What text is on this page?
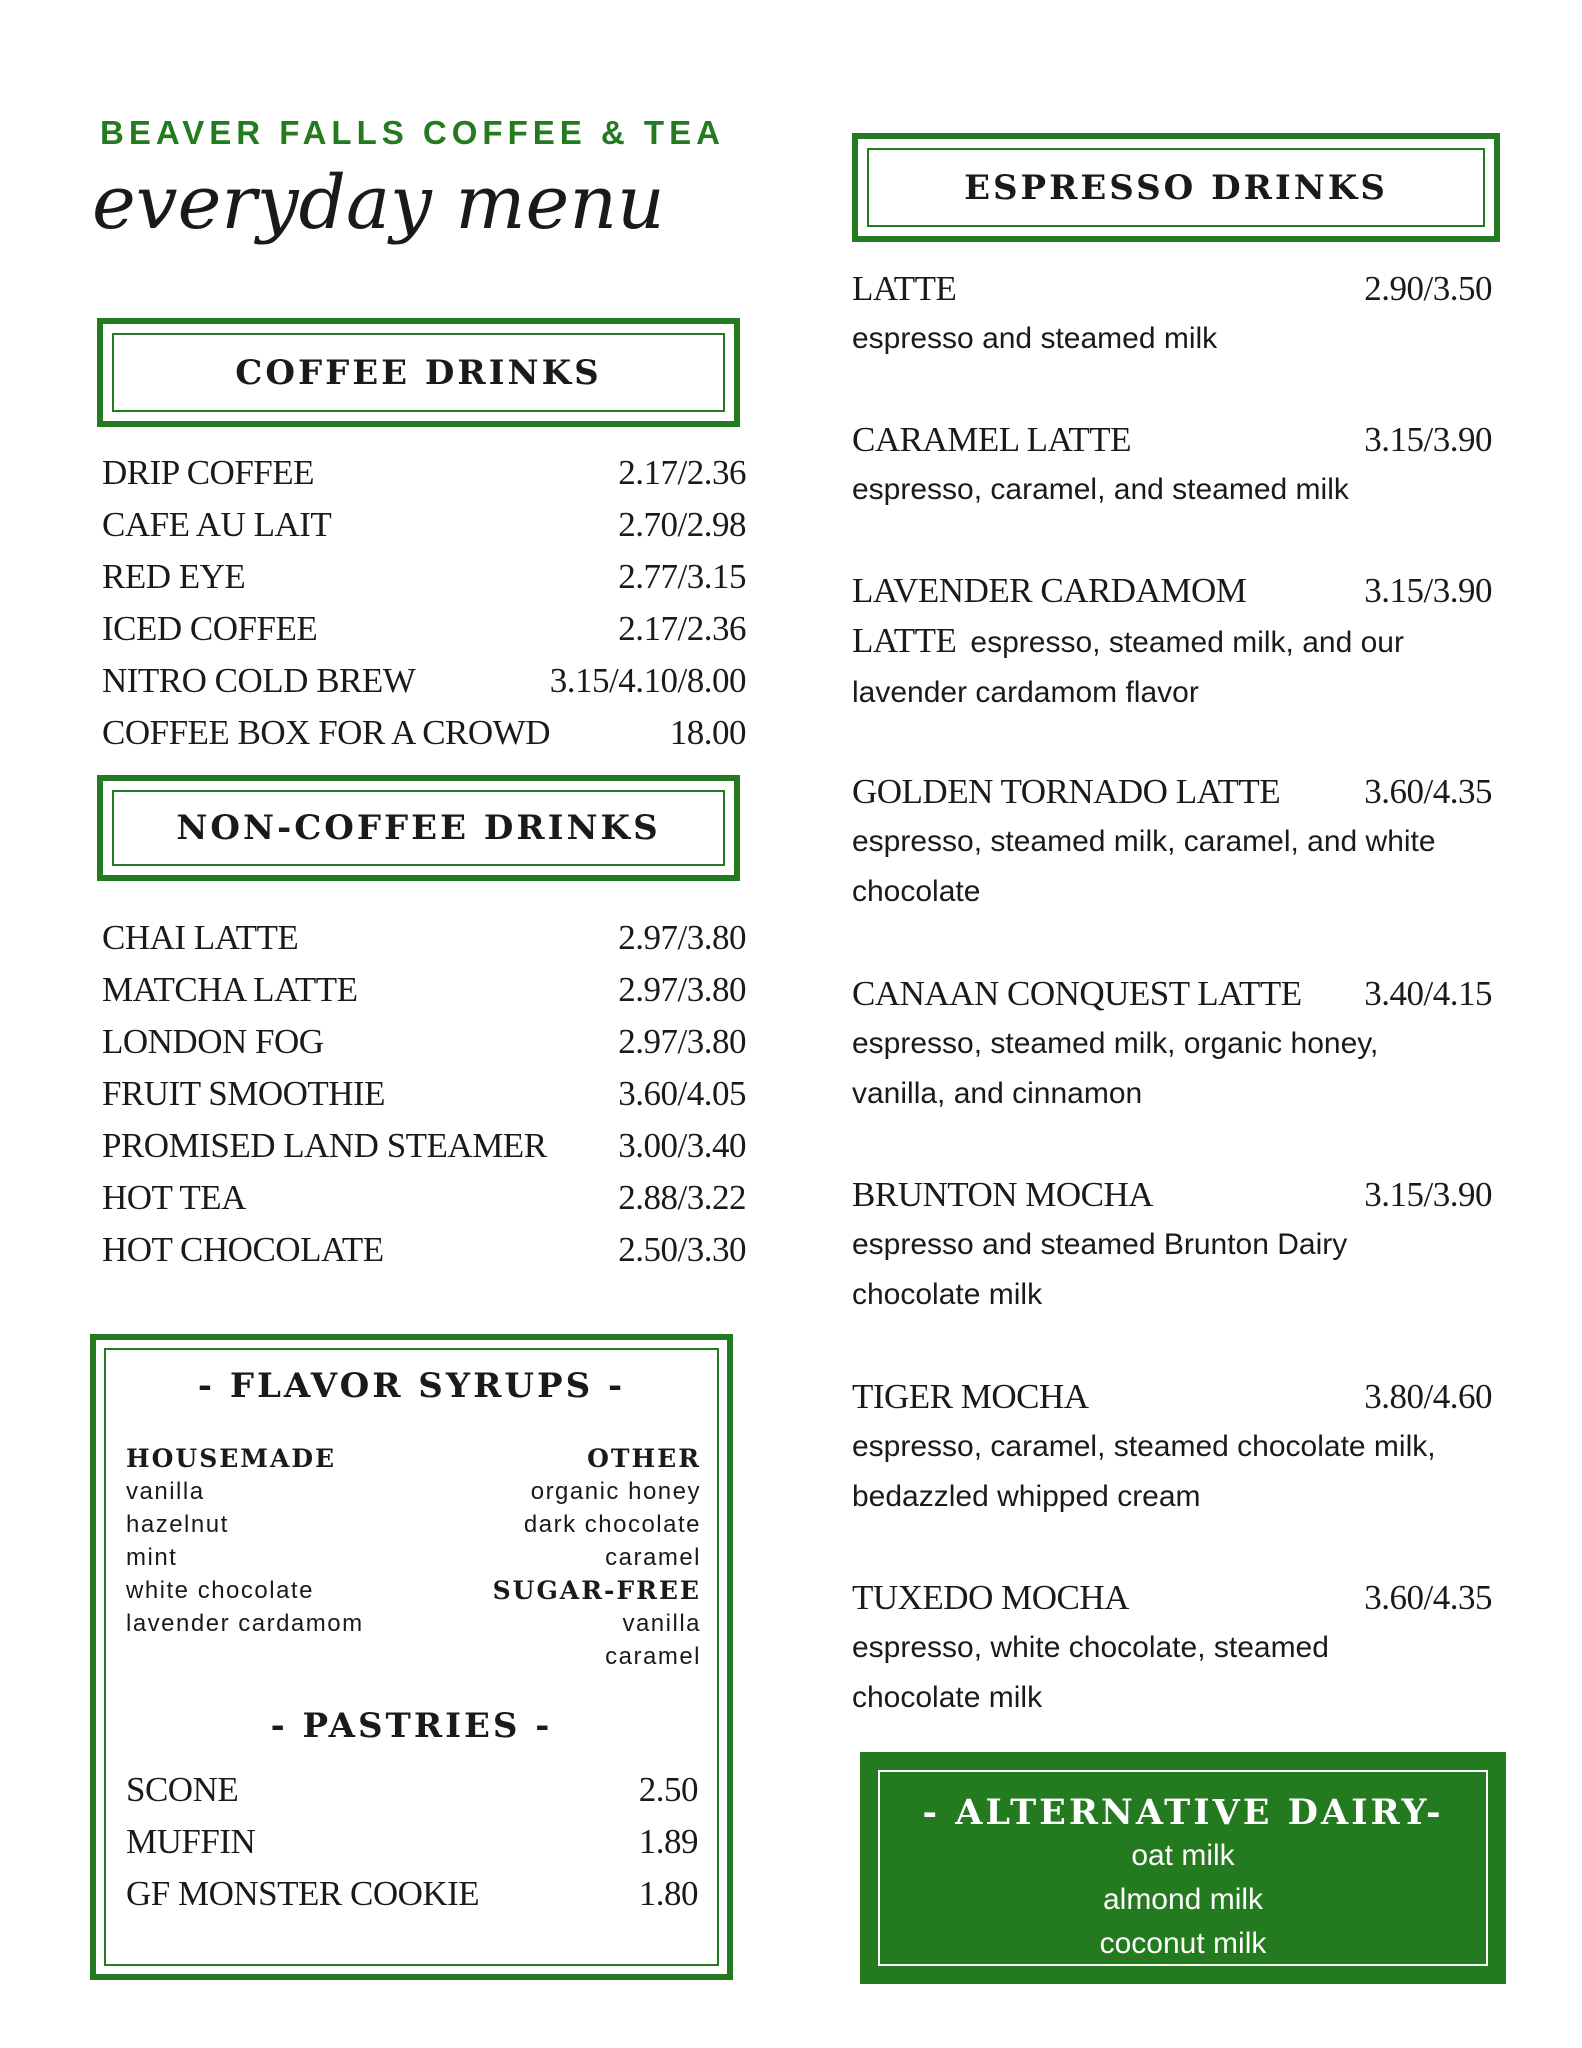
BEAVER FALLS COFFEE & TEA
everyday menu
COFFEE DRINKS
DRIP COFFEE	2.17/2.36
CAFE AU LAIT	2.70/2.98
RED EYE	2.77/3.15
ICED COFFEE	2.17/2.36
NITRO COLD BREW	3.15/4.10/8.00
COFFEE BOX FOR A CROWD	18.00
NON-COFFEE DRINKS
CHAI LATTE	2.97/3.80
MATCHA LATTE	2.97/3.80
LONDON FOG	2.97/3.80
FRUIT SMOOTHIE	3.60/4.05
PROMISED LAND STEAMER 3.00/3.40
HOT TEA	2.88/3.22
HOT CHOCOLATE	2.50/3.30
- FLAVOR SYRUPS -
HOUSEMADE
vanilla
hazelnut
mint
white chocolate
lavender cardamom
OTHER
organic honey
dark chocolate
caramel
SUGAR-FREE
vanilla
caramel
- PASTRIES -
SCONE	2.50
MUFFIN	1.89
GF MONSTER COOKIE	1.80
ESPRESSO DRINKS
LATTE	2.90/3.50
espresso and steamed milk
CARAMEL LATTE	3.15/3.90
espresso, caramel, and steamed milk
LAVENDER CARDAMOM	3.15/3.90
LATTE espresso, steamed milk, and our
lavender cardamom flavor
GOLDEN TORNADO LATTE 3.60/4.35
espresso, steamed milk, caramel, and white
chocolate
CANAAN CONQUEST LATTE 3.40/4.15
espresso, steamed milk, organic honey,
vanilla, and cinnamon
BRUNTON MOCHA	3.15/3.90
espresso and steamed Brunton Dairy
chocolate milk
TIGER MOCHA	3.80/4.60
espresso, caramel, steamed chocolate milk,
bedazzled whipped cream
TUXEDO MOCHA	3.60/4.35
espresso, white chocolate, steamed
chocolate milk
- ALTERNATIVE DAIRY-
oat milk
almond milk
coconut milk
